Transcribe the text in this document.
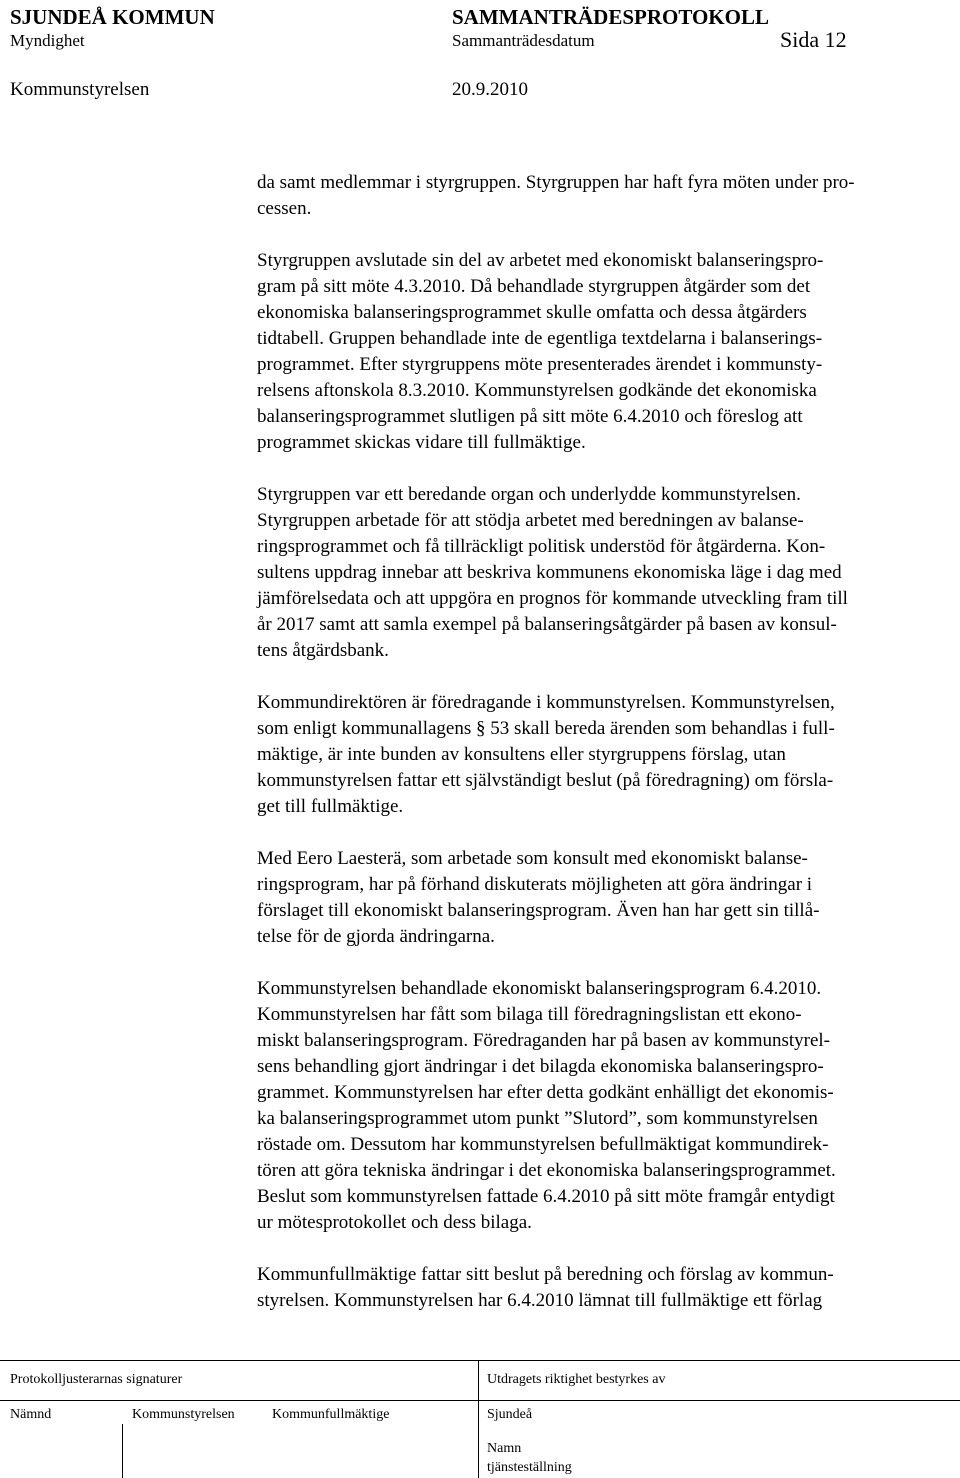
SJUNDEÅ KOMMUN	SAMMANTRÄDESPROTOKOLL
Myndighet	Sammanträdesdatum	Sida 12
Kommunstyrelsen	20.9.2010
da samt medlemmar i styrgruppen. Styrgruppen har haft fyra möten under pro-
cessen.
Styrgruppen avslutade sin del av arbetet med ekonomiskt balanseringspro-
gram på sitt möte 4.3.2010. Då behandlade styrgruppen åtgärder som det
ekonomiska balanseringsprogrammet skulle omfatta och dessa åtgärders
tidtabell. Gruppen behandlade inte de egentliga textdelarna i balanserings-
programmet. Efter styrgruppens möte presenterades ärendet i kommunsty-
relsens aftonskola 8.3.2010. Kommunstyrelsen godkände det ekonomiska
balanseringsprogrammet slutligen på sitt möte 6.4.2010 och föreslog att
programmet skickas vidare till fullmäktige.
Styrgruppen var ett beredande organ och underlydde kommunstyrelsen.
Styrgruppen arbetade för att stödja arbetet med beredningen av balanse-
ringsprogrammet och få tillräckligt politisk understöd för åtgärderna. Kon-
sultens uppdrag innebar att beskriva kommunens ekonomiska läge i dag med
jämförelsedata och att uppgöra en prognos för kommande utveckling fram till
år 2017 samt att samla exempel på balanseringsåtgärder på basen av konsul-
tens åtgärdsbank.
Kommundirektören är föredragande i kommunstyrelsen. Kommunstyrelsen,
som enligt kommunallagens § 53 skall bereda ärenden som behandlas i full-
mäktige, är inte bunden av konsultens eller styrgruppens förslag, utan
kommunstyrelsen fattar ett självständigt beslut (på föredragning) om försla-
get till fullmäktige.
Med Eero Laesterä, som arbetade som konsult med ekonomiskt balanse-
ringsprogram, har på förhand diskuterats möjligheten att göra ändringar i
förslaget till ekonomiskt balanseringsprogram. Även han har gett sin tillå-
telse för de gjorda ändringarna.
Kommunstyrelsen behandlade ekonomiskt balanseringsprogram 6.4.2010.
Kommunstyrelsen har fått som bilaga till föredragningslistan ett ekono-
miskt balanseringsprogram. Föredraganden har på basen av kommunstyrel-
sens behandling gjort ändringar i det bilagda ekonomiska balanseringspro-
grammet. Kommunstyrelsen har efter detta godkänt enhälligt det ekonomis-
ka balanseringsprogrammet utom punkt ”Slutord”, som kommunstyrelsen
röstade om. Dessutom har kommunstyrelsen befullmäktigat kommundirek-
tören att göra tekniska ändringar i det ekonomiska balanseringsprogrammet.
Beslut som kommunstyrelsen fattade 6.4.2010 på sitt möte framgår entydigt
ur mötesprotokollet och dess bilaga.
Kommunfullmäktige fattar sitt beslut på beredning och förslag av kommun-
styrelsen. Kommunstyrelsen har 6.4.2010 lämnat till fullmäktige ett förlag
Protokolljusterarnas signaturer	Utdragets riktighet bestyrkes av
Nämnd	Kommunstyrelsen	Kommunfullmäktige	Sjundeå
Namn
tjänsteställning
